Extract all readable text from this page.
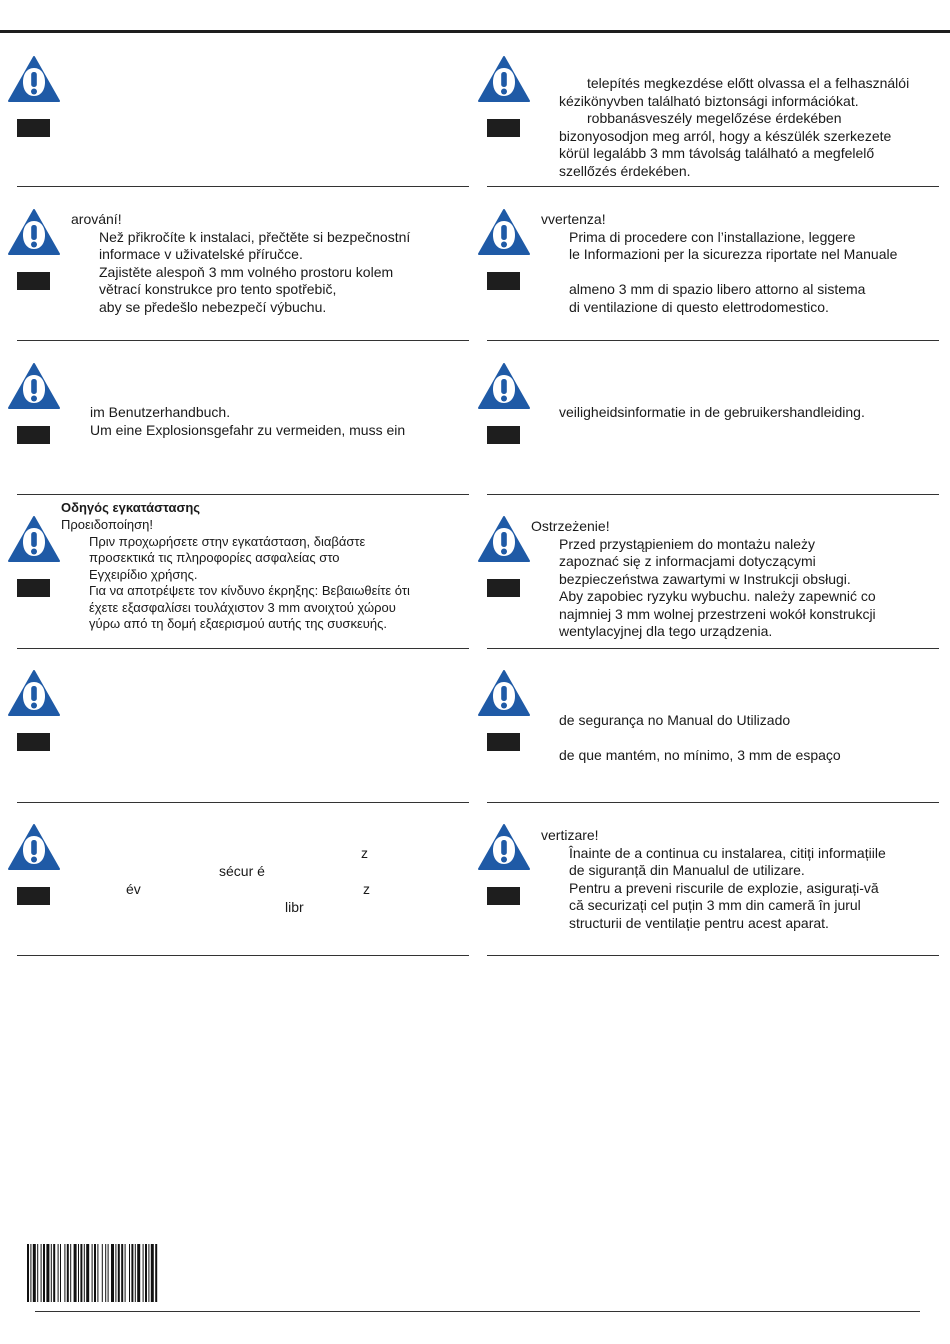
telepítés megkezdése előtt olvassa el a felhasználói
kézikönyvben található biztonsági információkat.
robbanásveszély megelőzése érdekében
bizonyosodjon meg arról, hogy a készülék szerkezete
körül legalább 3 mm távolság található a megfelelő
szellőzés érdekében.
arování!
Než přikročíte k instalaci, přečtěte si bezpečnostní
informace v uživatelské příručce.
Zajistěte alespoň 3 mm volného prostoru kolem
větrací konstrukce pro tento spotřebič,
aby se předešlo nebezpečí výbuchu.
vvertenza!
Prima di procedere con l’installazione, leggere
le Informazioni per la sicurezza riportate nel Manuale

almeno 3 mm di spazio libero attorno al sistema
di ventilazione di questo elettrodomestico.
im Benutzerhandbuch.
Um eine Explosionsgefahr zu vermeiden, muss ein
veiligheidsinformatie in de gebruikershandleiding.
Προειδοποίηση!
Πριν προχωρήσετε στην εγκατάσταση, διαβάστε
προσεκτικά τις πληροφορίες ασφαλείας στο
Εγχειρίδιο χρήσης.
Για να αποτρέψετε τον κίνδυνο έκρηξης: Βεβαιωθείτε ότι
έχετε εξασφαλίσει τουλάχιστον 3 mm ανοιχτού χώρου
γύρω από τη δομή εξαερισμού αυτής της συσκευής.
Ostrzeżenie!
Przed przystąpieniem do montażu należy
zapoznać się z informacjami dotyczącymi
bezpieczeństwa zawartymi w Instrukcji obsługi.
Aby zapobiec ryzyku wybuchu. należy zapewnić co
najmniej 3 mm wolnej przestrzeni wokół konstrukcji
wentylacyjnej dla tego urządzenia.
de segurança no Manual do Utilizado

de que mantém, no mínimo, 3 mm de espaço
vertizare!
Înainte de a continua cu instalarea, citiți informațiile
de siguranță din Manualul de utilizare.
Pentru a preveni riscurile de explozie, asigurați-vă
că securizați cel puțin 3 mm din cameră în jurul
structurii de ventilație pentru acest aparat.
Οδηγός εγκατάστασης
z
sécur é
év	z
libr
